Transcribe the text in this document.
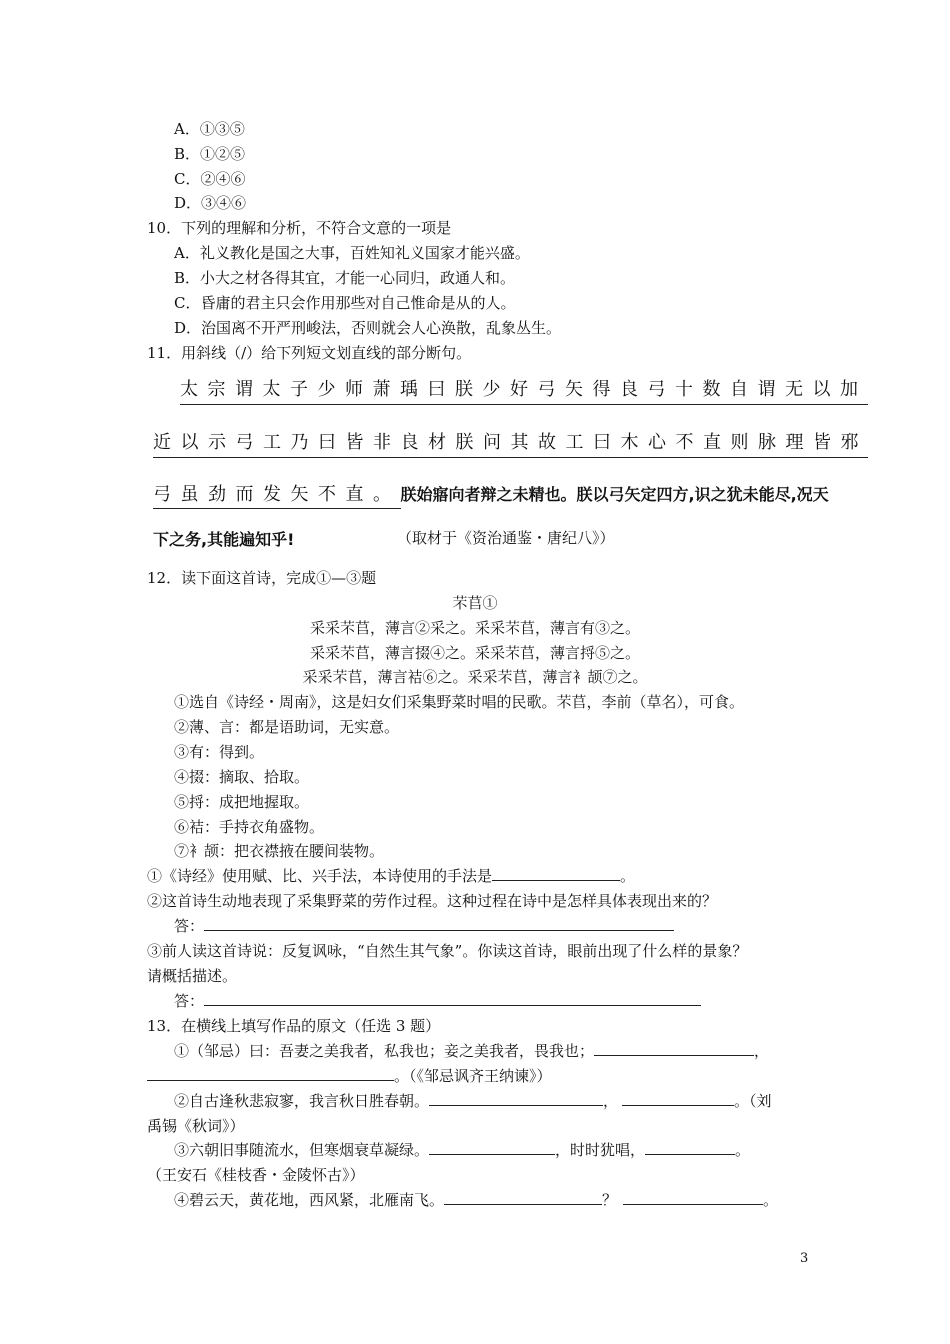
A．①③⑤
B．①②⑤
C．②④⑥
D．③④⑥
10．下列的理解和分析，不符合文意的一项是
A．礼义教化是国之大事，百姓知礼义国家才能兴盛。
B．小大之材各得其宜，才能一心同归，政通人和。
C．昏庸的君主只会作用那些对自己惟命是从的人。
D．治国离不开严刑峻法，否则就会人心涣散，乱象丛生。
11．用斜线（/）给下列短文划直线的部分断句。
太宗谓太子少师萧瑀曰朕少好弓矢得良弓十数自谓无以加
近以示弓工乃曰皆非良材朕问其故工曰木心不直则脉理皆邪
弓虽劲而发矢不直。朕始寤向者辩之未精也。朕以弓矢定四方,识之犹未能尽,况天
下之务,其能遍知乎!	（取材于《资治通鉴・唐纪八》）
12．读下面这首诗，完成①—③题
芣苢①
采采芣苢，薄言②采之。采采芣苢，薄言有③之。
采采芣苢，薄言掇④之。采采芣苢，薄言捋⑤之。
采采芣苢，薄言袺⑥之。采采芣苢，薄言衤颉⑦之。
①选自《诗经・周南》，这是妇女们采集野菜时唱的民歌。芣苢，李前（草名），可食。
②薄、言：都是语助词，无实意。
③有：得到。
④掇：摘取、拾取。
⑤捋：成把地握取。
⑥袺：手持衣角盛物。
⑦衤颉：把衣襟掖在腰间装物。
①《诗经》使用赋、比、兴手法，本诗使用的手法是	。
②这首诗生动地表现了采集野菜的劳作过程。这种过程在诗中是怎样具体表现出来的？
答：
③前人读这首诗说：反复讽咏，“自然生其气象”。你读这首诗，眼前出现了什么样的景象？
请概括描述。
答：
13．在横线上填写作品的原文（任选 3 题）
①（邹忌）曰：吾妻之美我者，私我也；妾之美我者，畏我也；	，
。（《邹忌讽齐王纳谏》）
②自古逢秋悲寂寥，我言秋日胜春朝。	，	。（刘
禹锡《秋词》）
③六朝旧事随流水，但寒烟衰草凝绿。	，时时犹唱，	。
（王安石《桂枝香・金陵怀古》）
④碧云天，黄花地，西风紧，北雁南飞。	？	。
3
